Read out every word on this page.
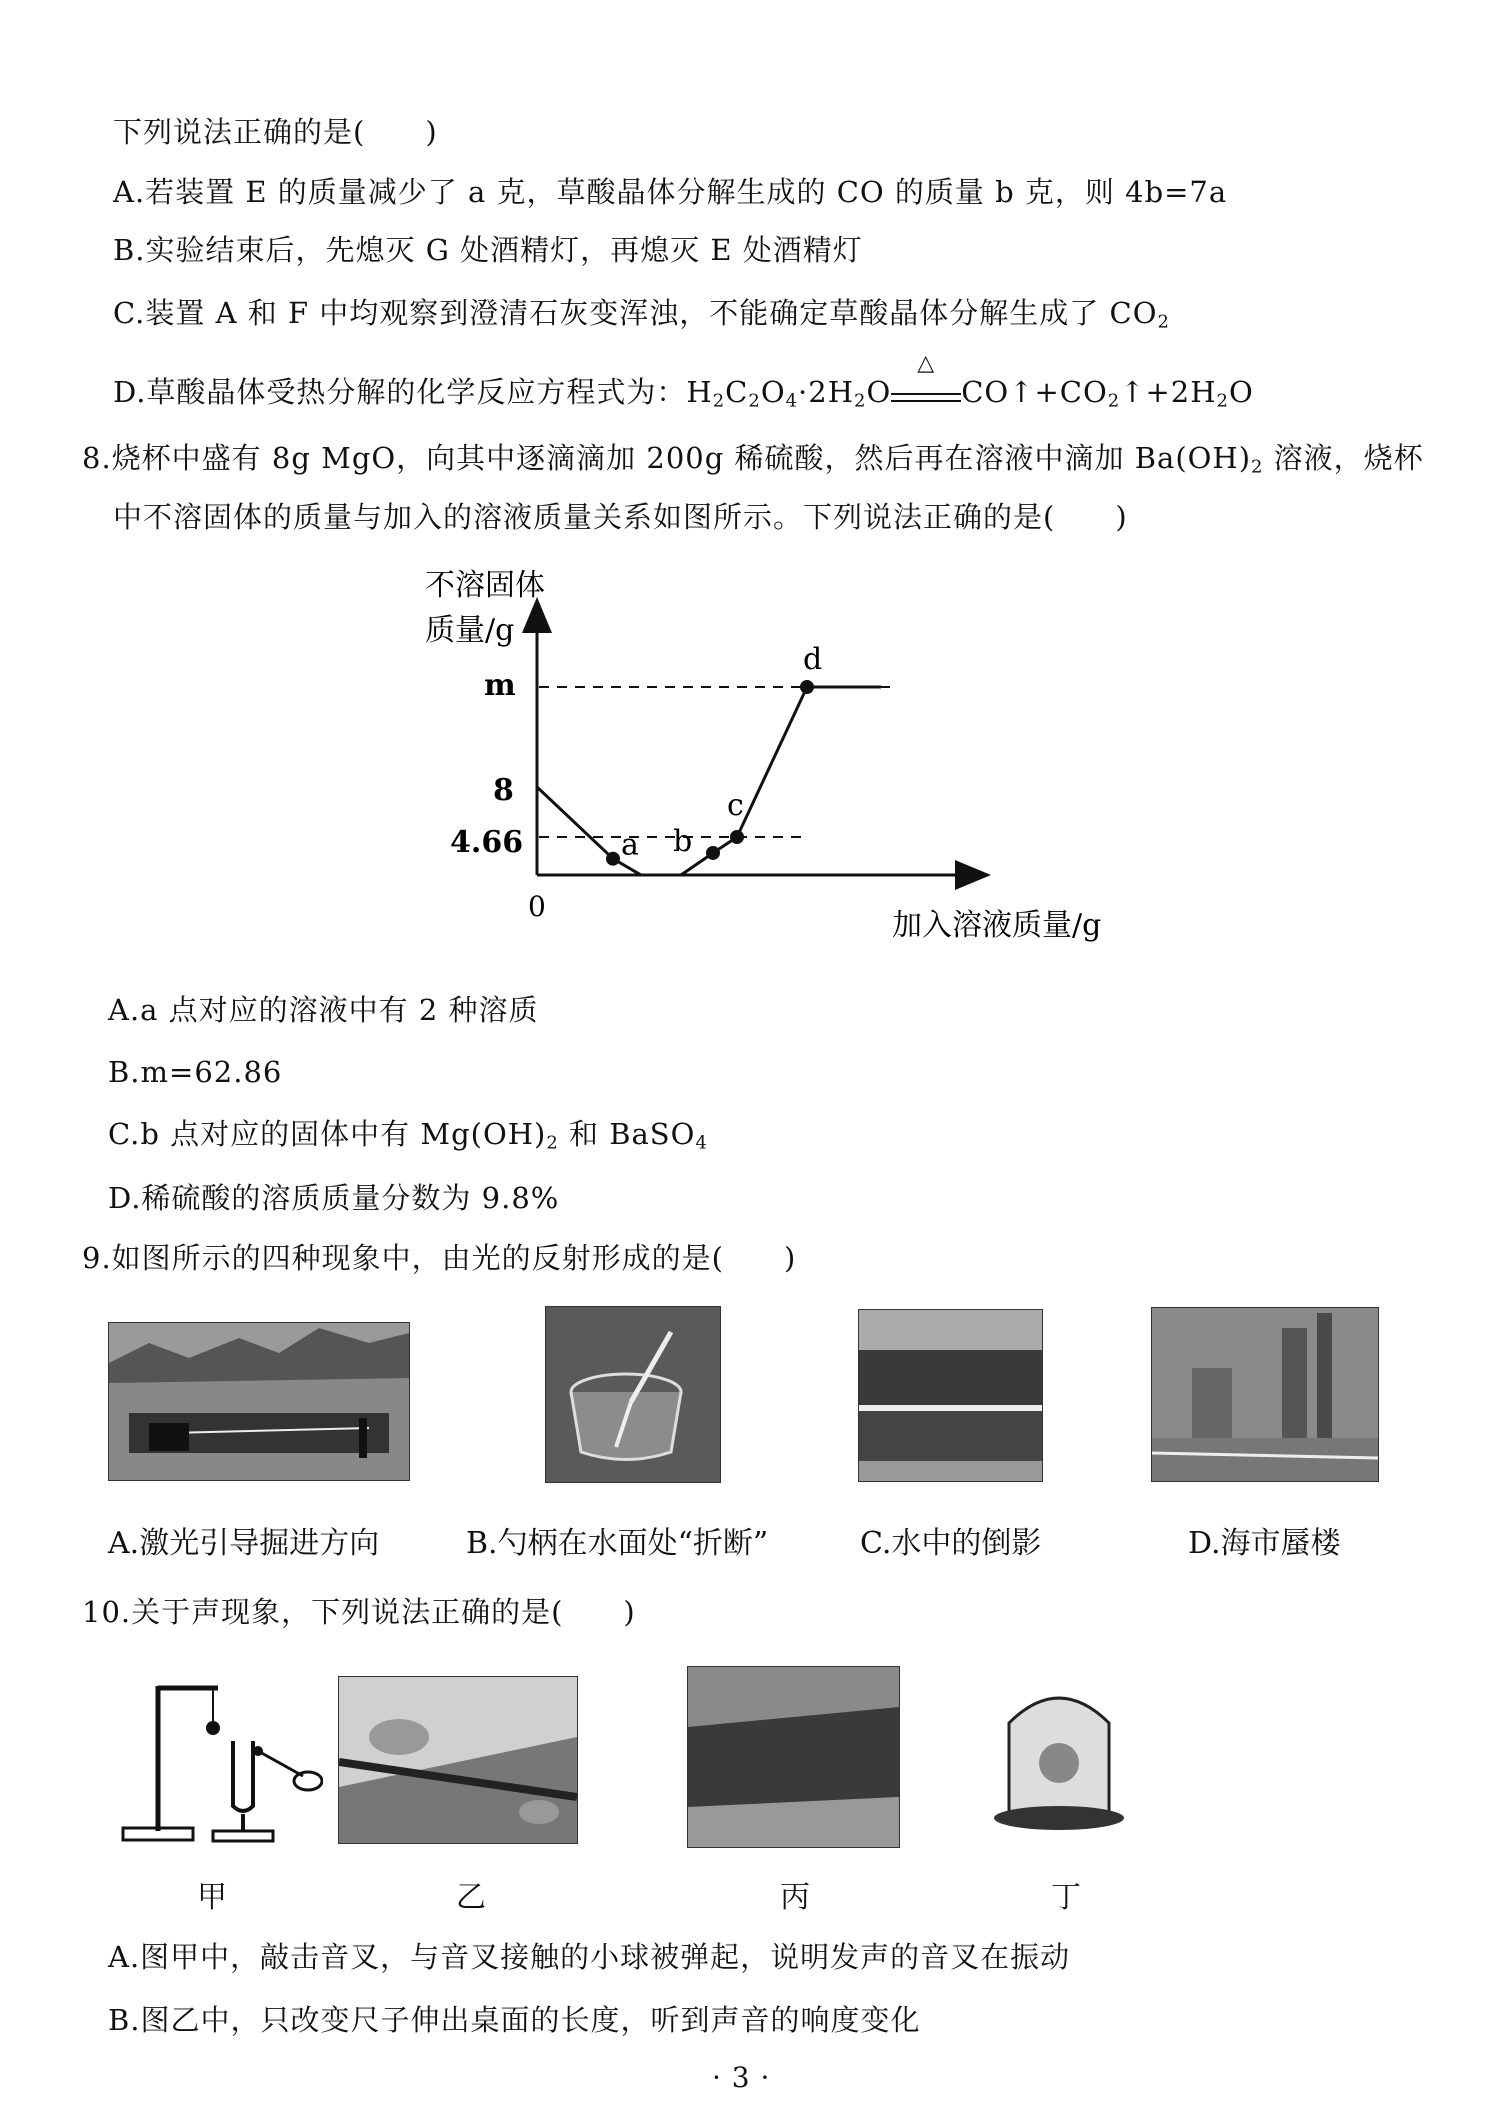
下列说法正确的是(　　)
A.若装置 E 的质量减少了 a 克，草酸晶体分解生成的 CO 的质量 b 克，则 4b=7a
B.实验结束后，先熄灭 G 处酒精灯，再熄灭 E 处酒精灯
C.装置 A 和 F 中均观察到澄清石灰变浑浊，不能确定草酸晶体分解生成了 $CO_2$
D.草酸晶体受热分解的化学反应方程式为：$H_2C_2O_4\cdot 2H_2O$
△
$CO↑+CO_2↑+2H_2O$
8.烧杯中盛有 8g MgO，向其中逐滴滴加 200g 稀硫酸，然后再在溶液中滴加 $Ba(OH)_2$ 溶液，烧杯
中不溶固体的质量与加入的溶液质量关系如图所示。下列说法正确的是(　　)
不溶固体
质量/g
加入溶液质量/g
0
m
8
4.66	a b
c
d
A.a 点对应的溶液中有 2 种溶质
B.m=62.86
C.b 点对应的固体中有 $Mg(OH)_2$ 和 BaSO$_4$
D.稀硫酸的溶质质量分数为 9.8%
9.如图所示的四种现象中，由光的反射形成的是(　　)
A.激光引导掘进方向	B.勺柄在水面处“折断”	C.水中的倒影	D.海市蜃楼
10.关于声现象，下列说法正确的是(　　)
甲	乙	丙	丁
A.图甲中，敲击音叉，与音叉接触的小球被弹起，说明发声的音叉在振动
B.图乙中，只改变尺子伸出桌面的长度，听到声音的响度变化
· 3 ·
